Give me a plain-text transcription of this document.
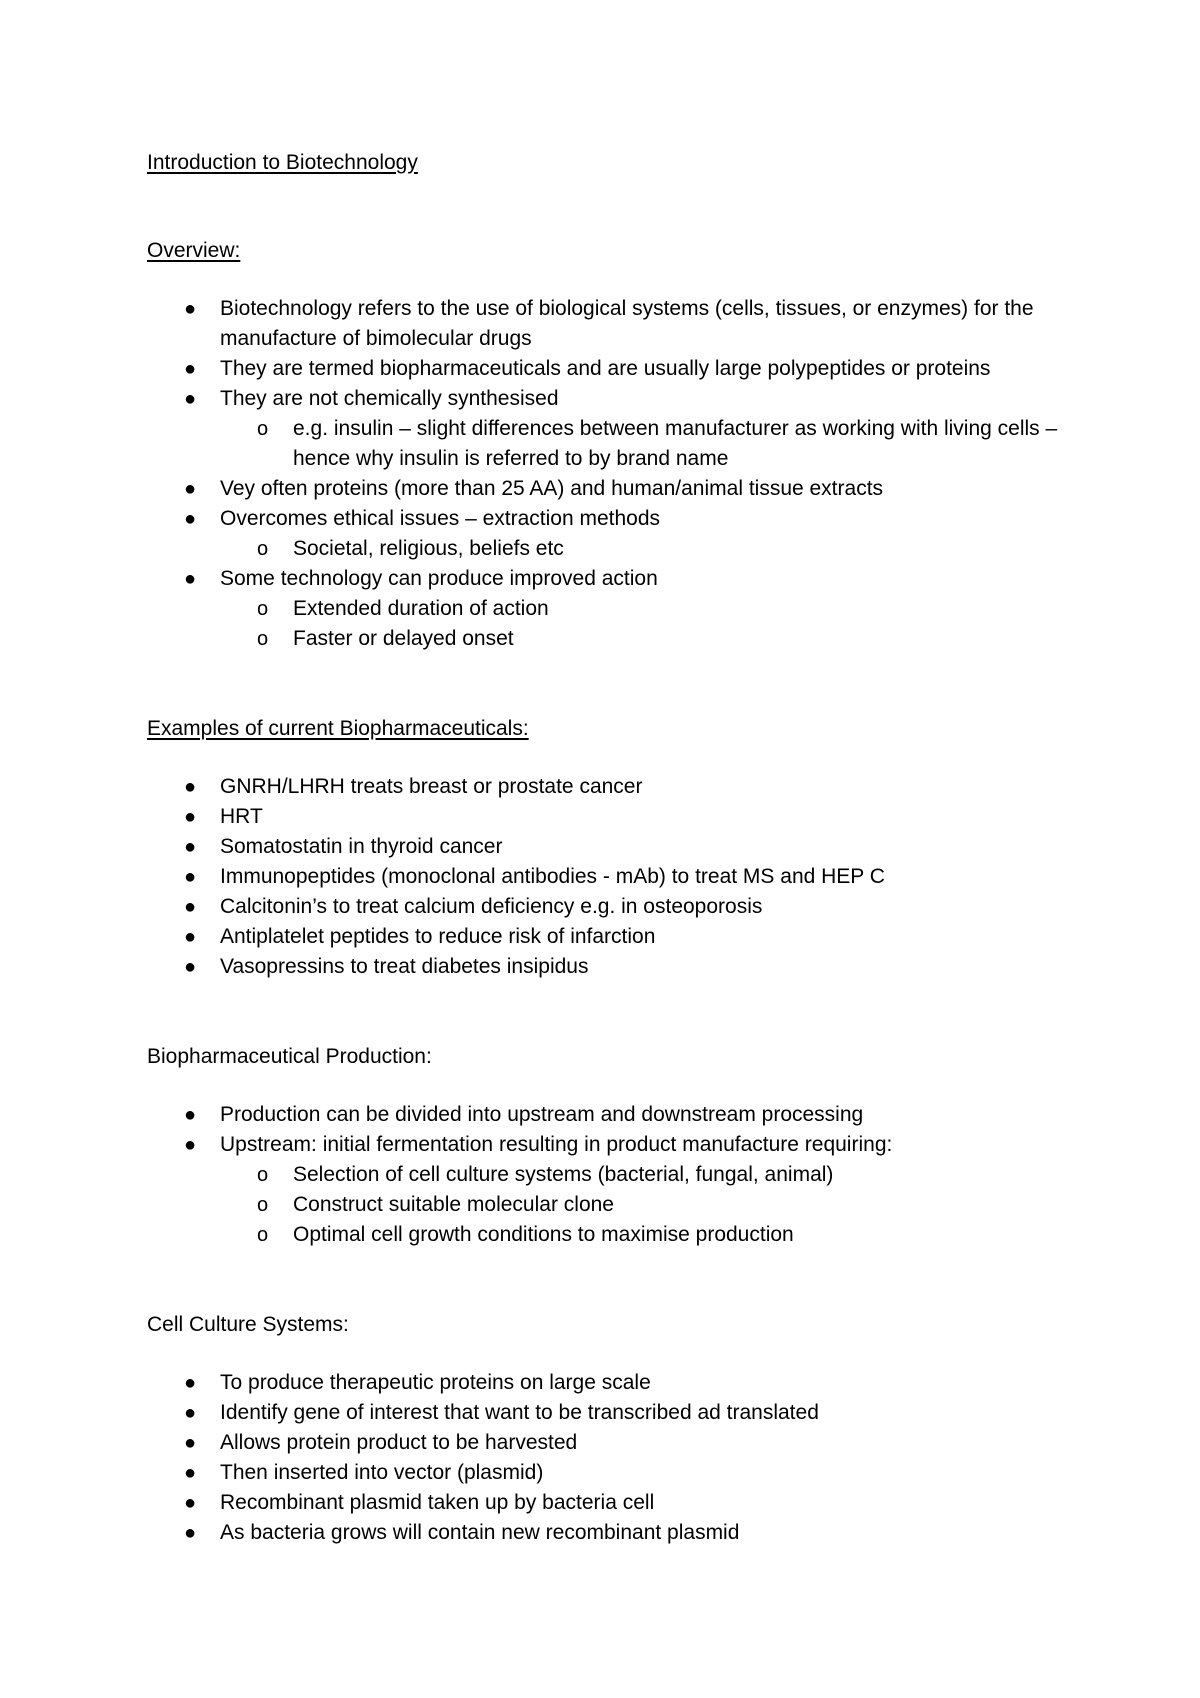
Introduction to Biotechnology
Overview:
● Biotechnology refers to the use of biological systems (cells, tissues, or enzymes) for the manufacture of bimolecular drugs
● They are termed biopharmaceuticals and are usually large polypeptides or proteins
● They are not chemically synthesised
o e.g. insulin – slight differences between manufacturer as working with living cells – hence why insulin is referred to by brand name
● Vey often proteins (more than 25 AA) and human/animal tissue extracts
● Overcomes ethical issues – extraction methods
o Societal, religious, beliefs etc
● Some technology can produce improved action
o Extended duration of action
o Faster or delayed onset
Examples of current Biopharmaceuticals:
● GNRH/LHRH treats breast or prostate cancer
● HRT
● Somatostatin in thyroid cancer
● Immunopeptides (monoclonal antibodies - mAb) to treat MS and HEP C
● Calcitonin’s to treat calcium deficiency e.g. in osteoporosis
● Antiplatelet peptides to reduce risk of infarction
● Vasopressins to treat diabetes insipidus
Biopharmaceutical Production:
● Production can be divided into upstream and downstream processing
● Upstream: initial fermentation resulting in product manufacture requiring:
o Selection of cell culture systems (bacterial, fungal, animal)
o Construct suitable molecular clone
o Optimal cell growth conditions to maximise production
Cell Culture Systems:
● To produce therapeutic proteins on large scale
● Identify gene of interest that want to be transcribed ad translated
● Allows protein product to be harvested
● Then inserted into vector (plasmid)
● Recombinant plasmid taken up by bacteria cell
● As bacteria grows will contain new recombinant plasmid
